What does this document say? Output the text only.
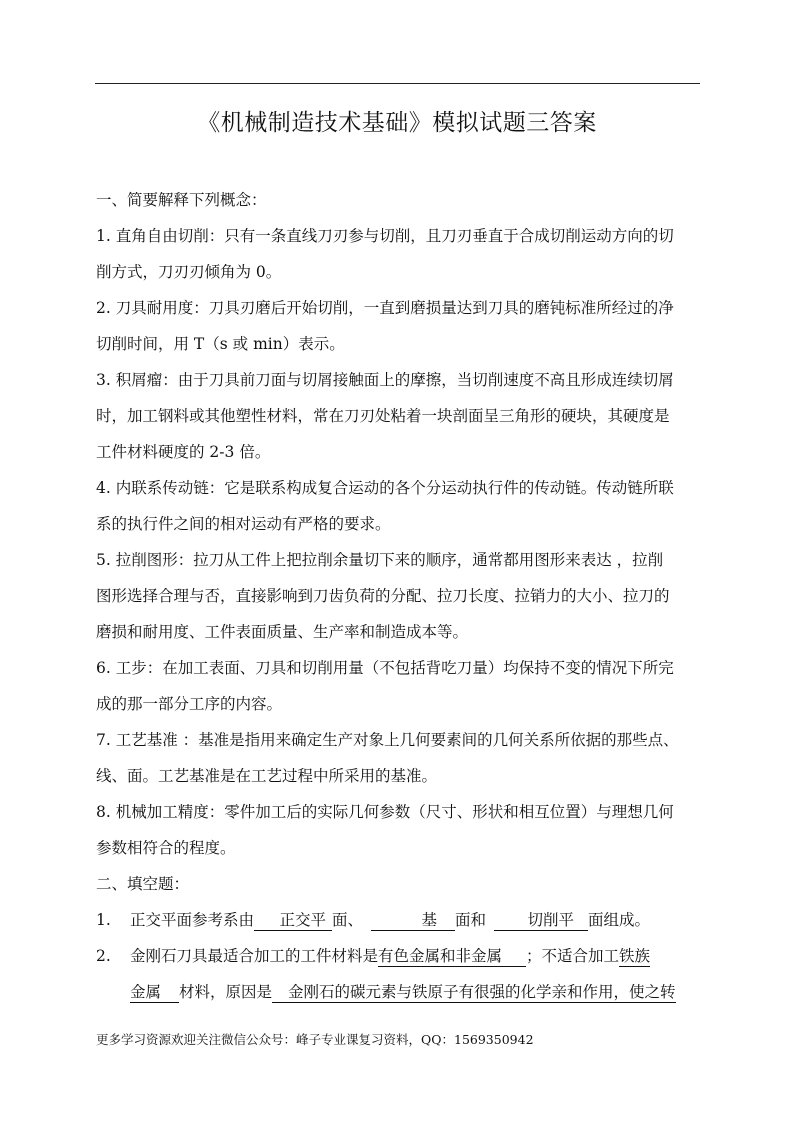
《机械制造技术基础》模拟试题三答案
一、简要解释下列概念：
1. 直角自由切削：只有一条直线刀刃参与切削，且刀刃垂直于合成切削运动方向的切
削方式，刀刃刃倾角为 0。
2. 刀具耐用度：刀具刃磨后开始切削，一直到磨损量达到刀具的磨钝标准所经过的净
切削时间，用 T（s 或 min）表示。
3. 积屑瘤：由于刀具前刀面与切屑接触面上的摩擦，当切削速度不高且形成连续切屑
时，加工钢料或其他塑性材料，常在刀刃处粘着一块剖面呈三角形的硬块，其硬度是
工件材料硬度的 2-3 倍。
4. 内联系传动链：它是联系构成复合运动的各个分运动执行件的传动链。传动链所联
系的执行件之间的相对运动有严格的要求。
5. 拉削图形：拉刀从工件上把拉削余量切下来的顺序，通常都用图形来表达 ，拉削
图形选择合理与否，直接影响到刀齿负荷的分配、拉刀长度、拉销力的大小、拉刀的
磨损和耐用度、工件表面质量、生产率和制造成本等。
6. 工步：在加工表面、刀具和切削用量（不包括背吃刀量）均保持不变的情况下所完
成的那一部分工序的内容。
7. 工艺基准 ：基准是指用来确定生产对象上几何要素间的几何关系所依据的那些点、
线、面。工艺基准是在工艺过程中所采用的基准。
8. 机械加工精度：零件加工后的实际几何参数（尺寸、形状和相互位置）与理想几何
参数相符合的程度。
二、填空题：
1. 正交平面参考系由 正交平 面、	基 面和	切削平 面组成。
2. 金刚石刀具最适合加工的工件材料是有色金属和非金属 ；不适合加工铁族
金属 材料，原因是 金刚石的碳元素与铁原子有很强的化学亲和作用，使之转
更多学习资源欢迎关注微信公众号：峰子专业课复习资料，QQ：1569350942
